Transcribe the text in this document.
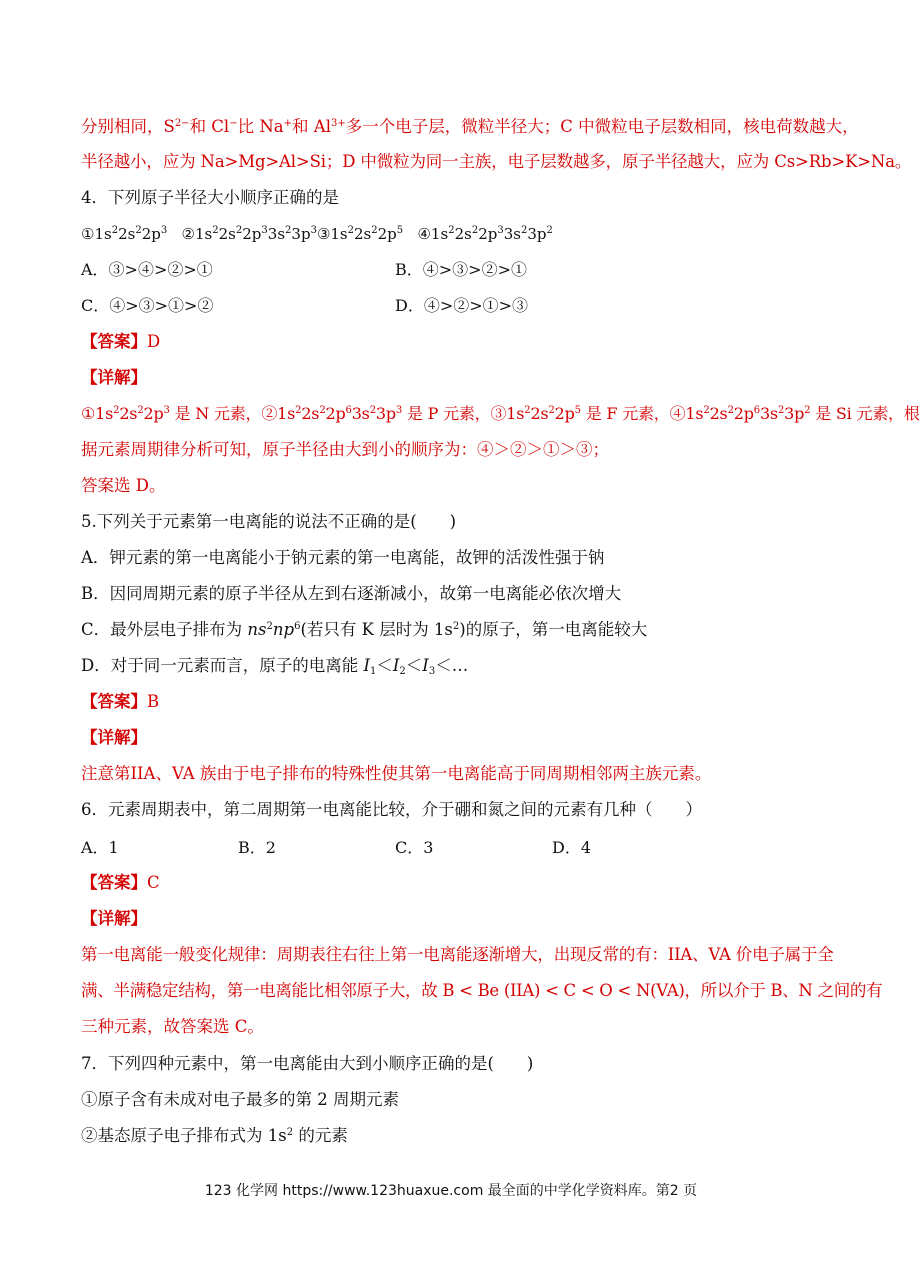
分别相同，$S^{2-}$和 Cl−比 Na+和 $Al^{3+}$多一个电子层，微粒半径大；C 中微粒电子层数相同，核电荷数越大，
半径越小，应为 Na>Mg>Al>Si；D 中微粒为同一主族，电子层数越多，原子半径越大，应为 Cs>Rb>K>Na。
4．下列原子半径大小顺序正确的是
$①1s^22s^22p^3$ $②1s^22s^22p^33s^23p^3③1s^22s^22p^5$ $④1s^22s^22p^33s^23p^2$
A．③>④>②>①	B．④>③>②>①
C．④>③>①>②	D．④>②>①>③
【答案】D
【详解】
$①1s^22s^22p^3$ 是 N 元素，$②1s^22s^22p^63s^23p^3$ 是 P 元素，$③1s^22s^22p^5$ 是 F 元素，$④1s^22s^22p^63s^23p^2$ 是 Si 元素，根
据元素周期律分析可知，原子半径由大到小的顺序为：④＞②＞①＞③；
答案选 D。
5.下列关于元素第一电离能的说法不正确的是(　　)
A．钾元素的第一电离能小于钠元素的第一电离能，故钾的活泼性强于钠
B．因同周期元素的原子半径从左到右逐渐减小，故第一电离能必依次增大
C．最外层电子排布为 $ns^2np^6$(若只有 K 层时为 $1s^2$)的原子，第一电离能较大
D．对于同一元素而言，原子的电离能 $I_1<I_2<I_3<\dots$
【答案】B
【详解】
注意第IIA、VA 族由于电子排布的特殊性使其第一电离能高于同周期相邻两主族元素。
6．元素周期表中，第二周期第一电离能比较，介于硼和氮之间的元素有几种（　　）
A．1	B．2	C．3	D．4
【答案】C
【详解】
第一电离能一般变化规律：周期表往右往上第一电离能逐渐增大，出现反常的有：IIA、VA 价电子属于全
满、半满稳定结构，第一电离能比相邻原子大，故 B < Be (IIA) < C < O < N(VA)，所以介于 B、N 之间的有
三种元素，故答案选 C。
7．下列四种元素中，第一电离能由大到小顺序正确的是(　　)
①原子含有未成对电子最多的第 2 周期元素
②基态原子电子排布式为 $1s^2$ 的元素
123 化学网 https://www.123huaxue.com 最全面的中学化学资料库。第2 页
